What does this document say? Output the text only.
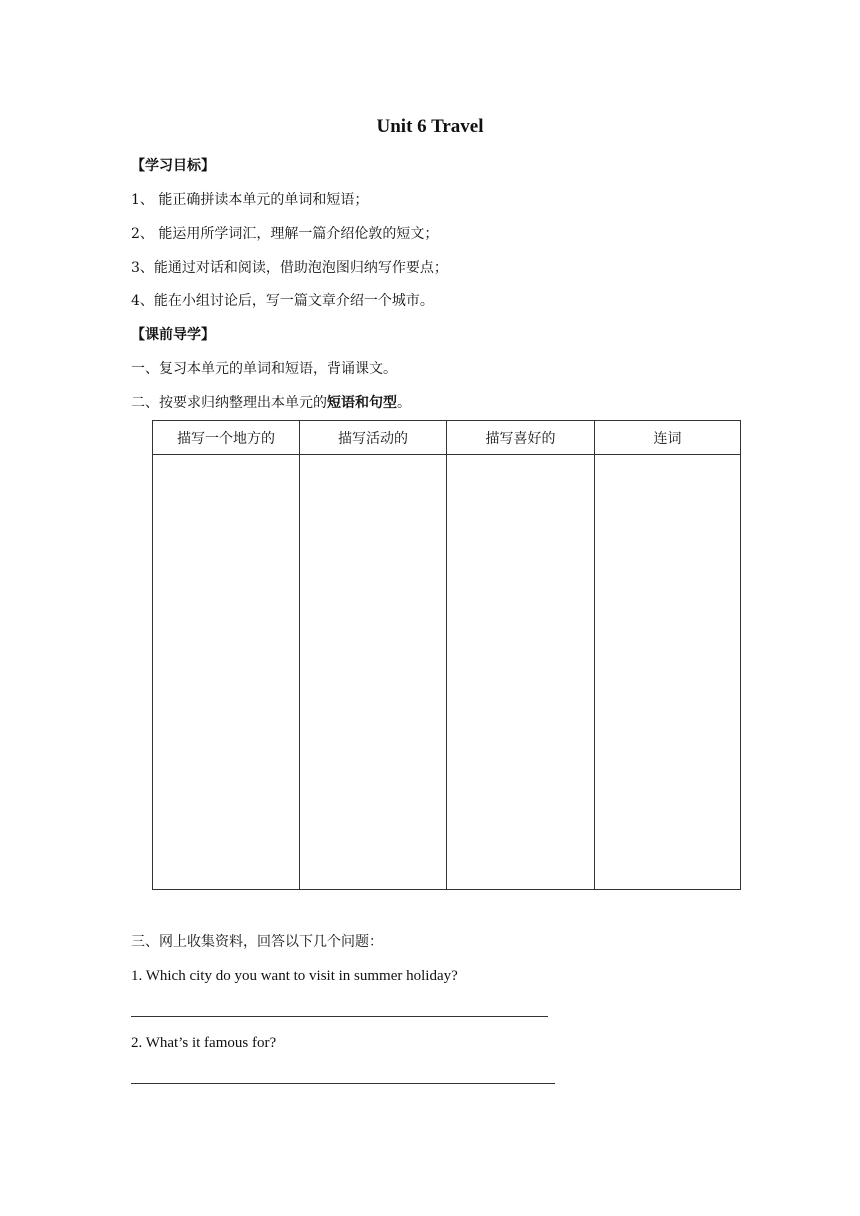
Unit 6 Travel
【学习目标】
1、 能正确拼读本单元的单词和短语；
2、 能运用所学词汇，理解一篇介绍伦敦的短文；
3、能通过对话和阅读，借助泡泡图归纳写作要点；
4、能在小组讨论后，写一篇文章介绍一个城市。
【课前导学】
一、复习本单元的单词和短语，背诵课文。
二、按要求归纳整理出本单元的短语和句型。
描写一个地方的	描写活动的	描写喜好的	连词

三、网上收集资料，回答以下几个问题：
1. Which city do you want to visit in summer holiday?
2. What’s it famous for?
